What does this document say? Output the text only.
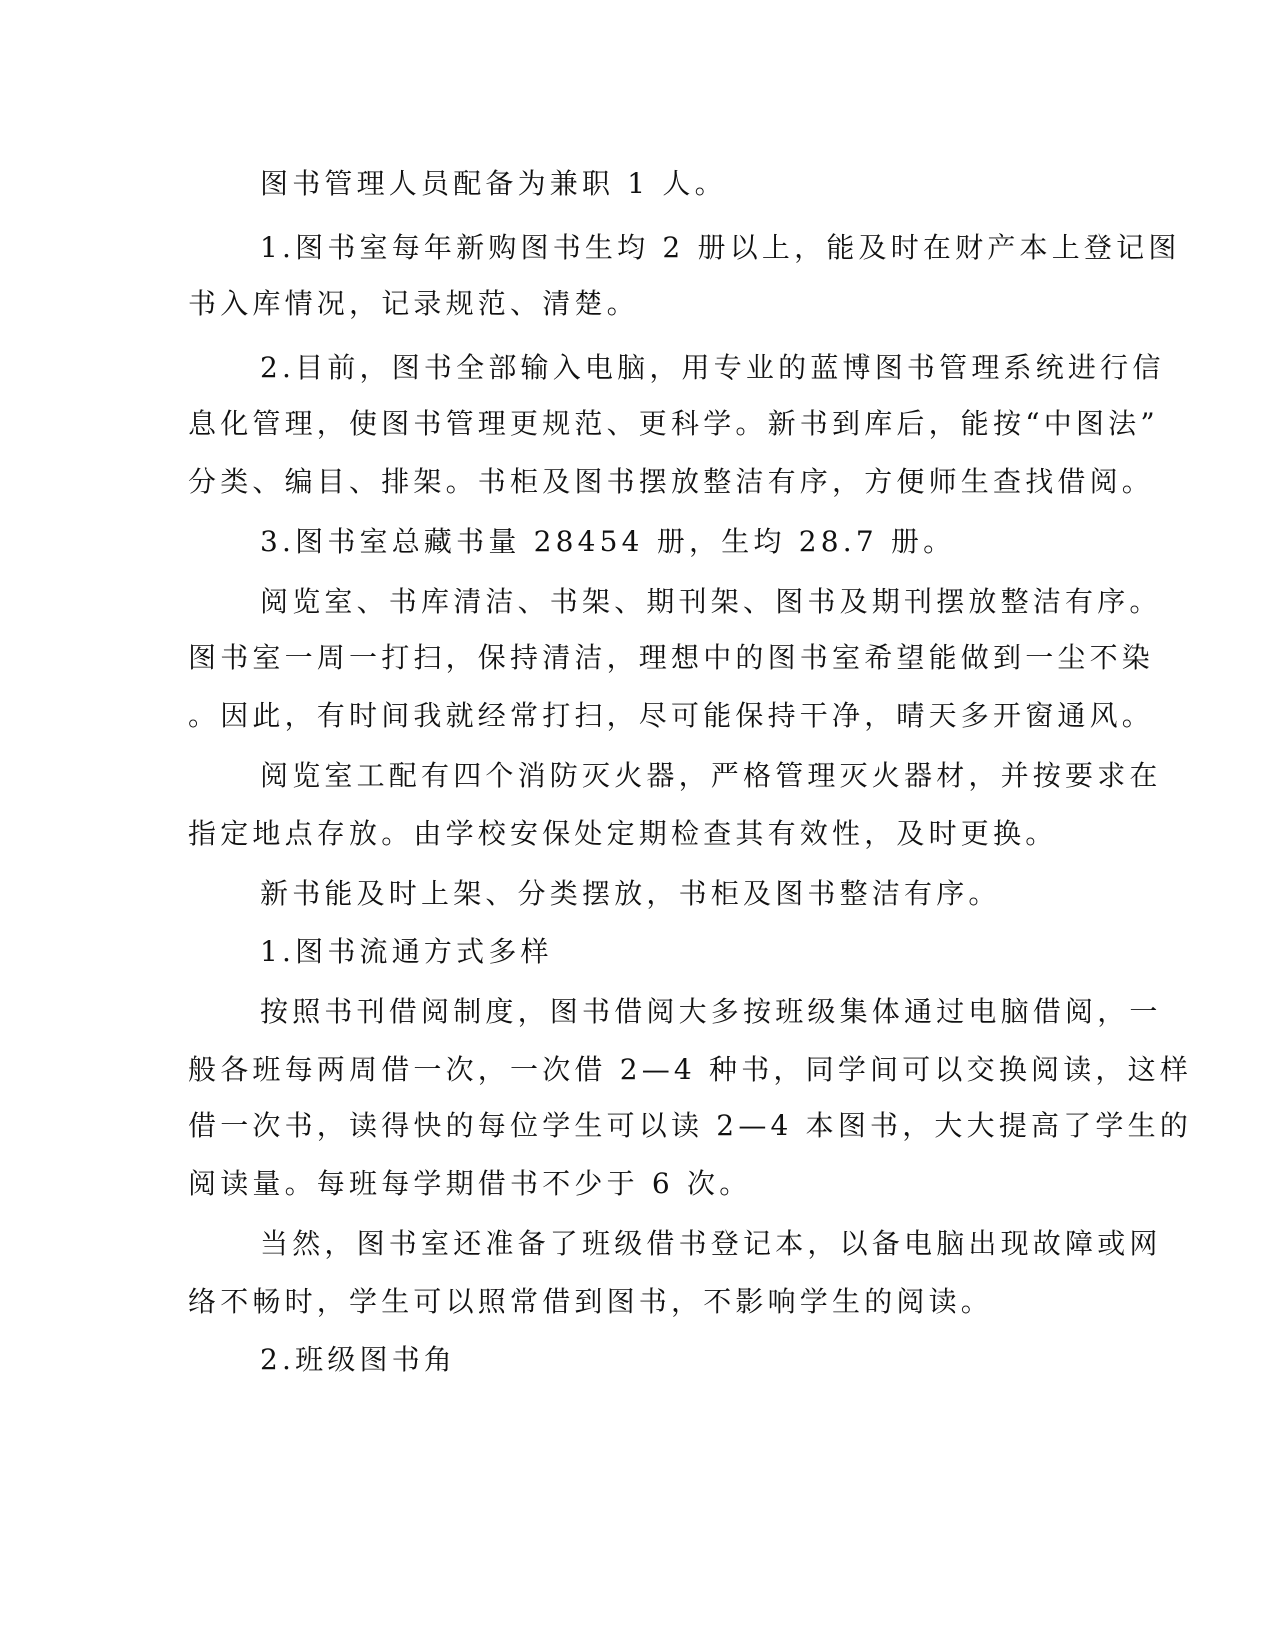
图书管理人员配备为兼职 1 人。
1.图书室每年新购图书生均 2 册以上，能及时在财产本上登记图
书入库情况，记录规范、清楚。
2.目前，图书全部输入电脑，用专业的蓝博图书管理系统进行信
息化管理，使图书管理更规范、更科学。新书到库后，能按“中图法”
分类、编目、排架。书柜及图书摆放整洁有序，方便师生查找借阅。
3.图书室总藏书量 28454 册，生均 28.7 册。
阅览室、书库清洁、书架、期刊架、图书及期刊摆放整洁有序。
图书室一周一打扫，保持清洁，理想中的图书室希望能做到一尘不染
。因此，有时间我就经常打扫，尽可能保持干净，晴天多开窗通风。
阅览室工配有四个消防灭火器，严格管理灭火器材，并按要求在
指定地点存放。由学校安保处定期检查其有效性，及时更换。
新书能及时上架、分类摆放，书柜及图书整洁有序。
1.图书流通方式多样
按照书刊借阅制度，图书借阅大多按班级集体通过电脑借阅，一
般各班每两周借一次，一次借 2—4 种书，同学间可以交换阅读，这样
借一次书，读得快的每位学生可以读 2—4 本图书，大大提高了学生的
阅读量。每班每学期借书不少于 6 次。
当然，图书室还准备了班级借书登记本，以备电脑出现故障或网
络不畅时，学生可以照常借到图书，不影响学生的阅读。
2.班级图书角
